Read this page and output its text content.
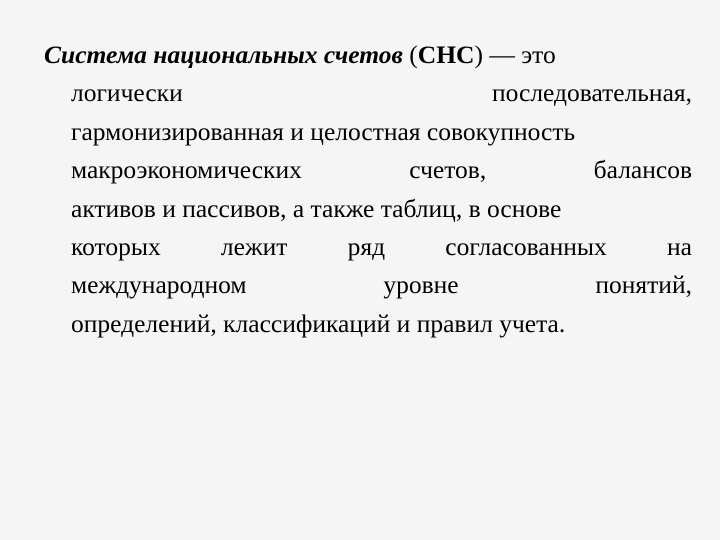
Система национальных счетов (СНС) — это
логически	последовательная,
гармонизированная и целостная совокупность
макроэкономических	счетов,	балансов
активов и пассивов, а также таблиц, в основе
которых лежит ряд согласованных на
международном	уровне	понятий,
определений, классификаций и правил учета.
